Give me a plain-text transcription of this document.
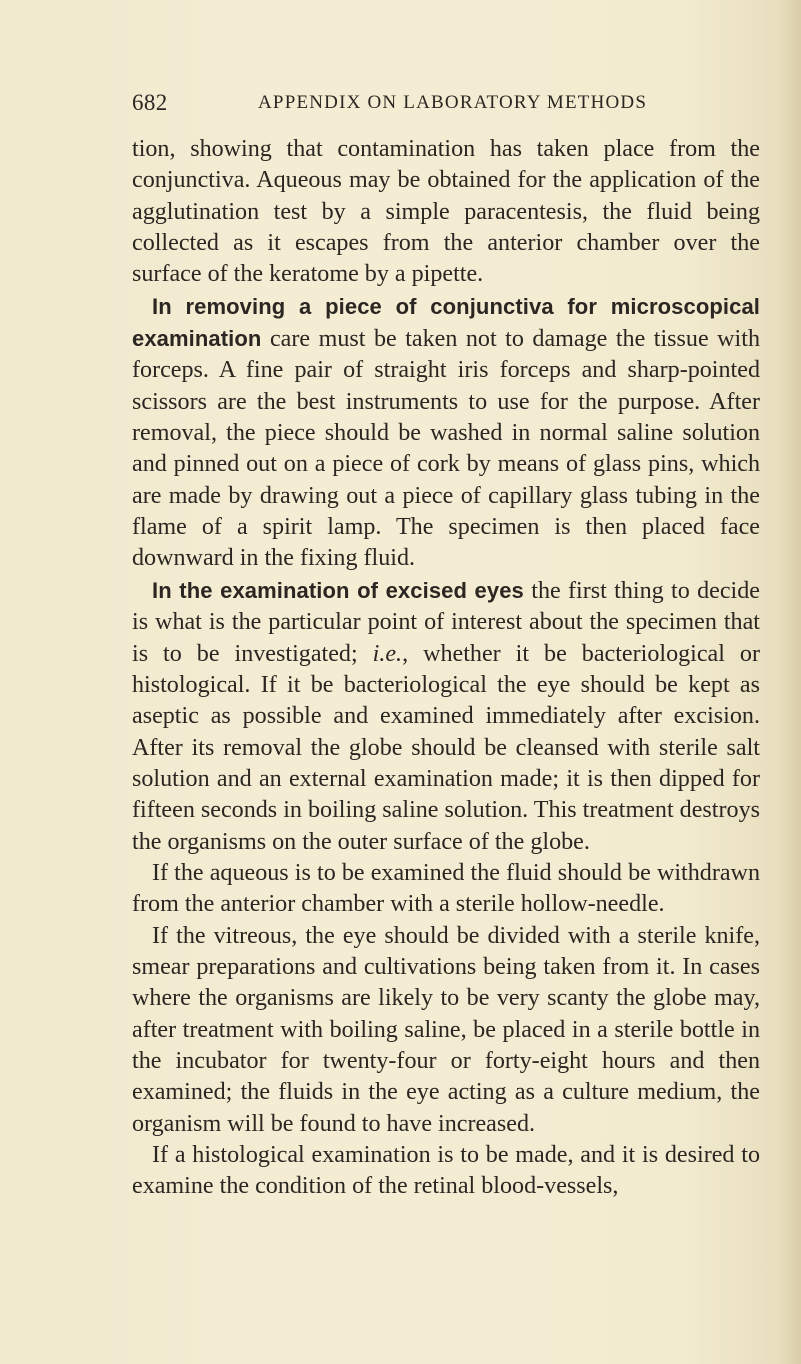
682	APPENDIX ON LABORATORY METHODS

tion, showing that contamination has taken place from the conjunctiva. Aqueous may be obtained for the application of the agglutination test by a simple paracentesis, the fluid being collected as it escapes from the anterior chamber over the surface of the keratome by a pipette.

In removing a piece of conjunctiva for microscopical examination care must be taken not to damage the tissue with forceps. A fine pair of straight iris forceps and sharp-pointed scissors are the best instruments to use for the purpose. After removal, the piece should be washed in normal saline solution and pinned out on a piece of cork by means of glass pins, which are made by drawing out a piece of capillary glass tubing in the flame of a spirit lamp. The specimen is then placed face downward in the fixing fluid.

In the examination of excised eyes the first thing to decide is what is the particular point of interest about the specimen that is to be investigated; i.e., whether it be bacteriological or histological. If it be bacteriological the eye should be kept as aseptic as possible and examined immediately after excision. After its removal the globe should be cleansed with sterile salt solution and an external examination made; it is then dipped for fifteen seconds in boiling saline solution. This treatment destroys the organisms on the outer surface of the globe.

If the aqueous is to be examined the fluid should be withdrawn from the anterior chamber with a sterile hollow-needle.

If the vitreous, the eye should be divided with a sterile knife, smear preparations and cultivations being taken from it. In cases where the organisms are likely to be very scanty the globe may, after treatment with boiling saline, be placed in a sterile bottle in the incubator for twenty-four or forty-eight hours and then examined; the fluids in the eye acting as a culture medium, the organism will be found to have increased.

If a histological examination is to be made, and it is desired to examine the condition of the retinal blood-vessels,
